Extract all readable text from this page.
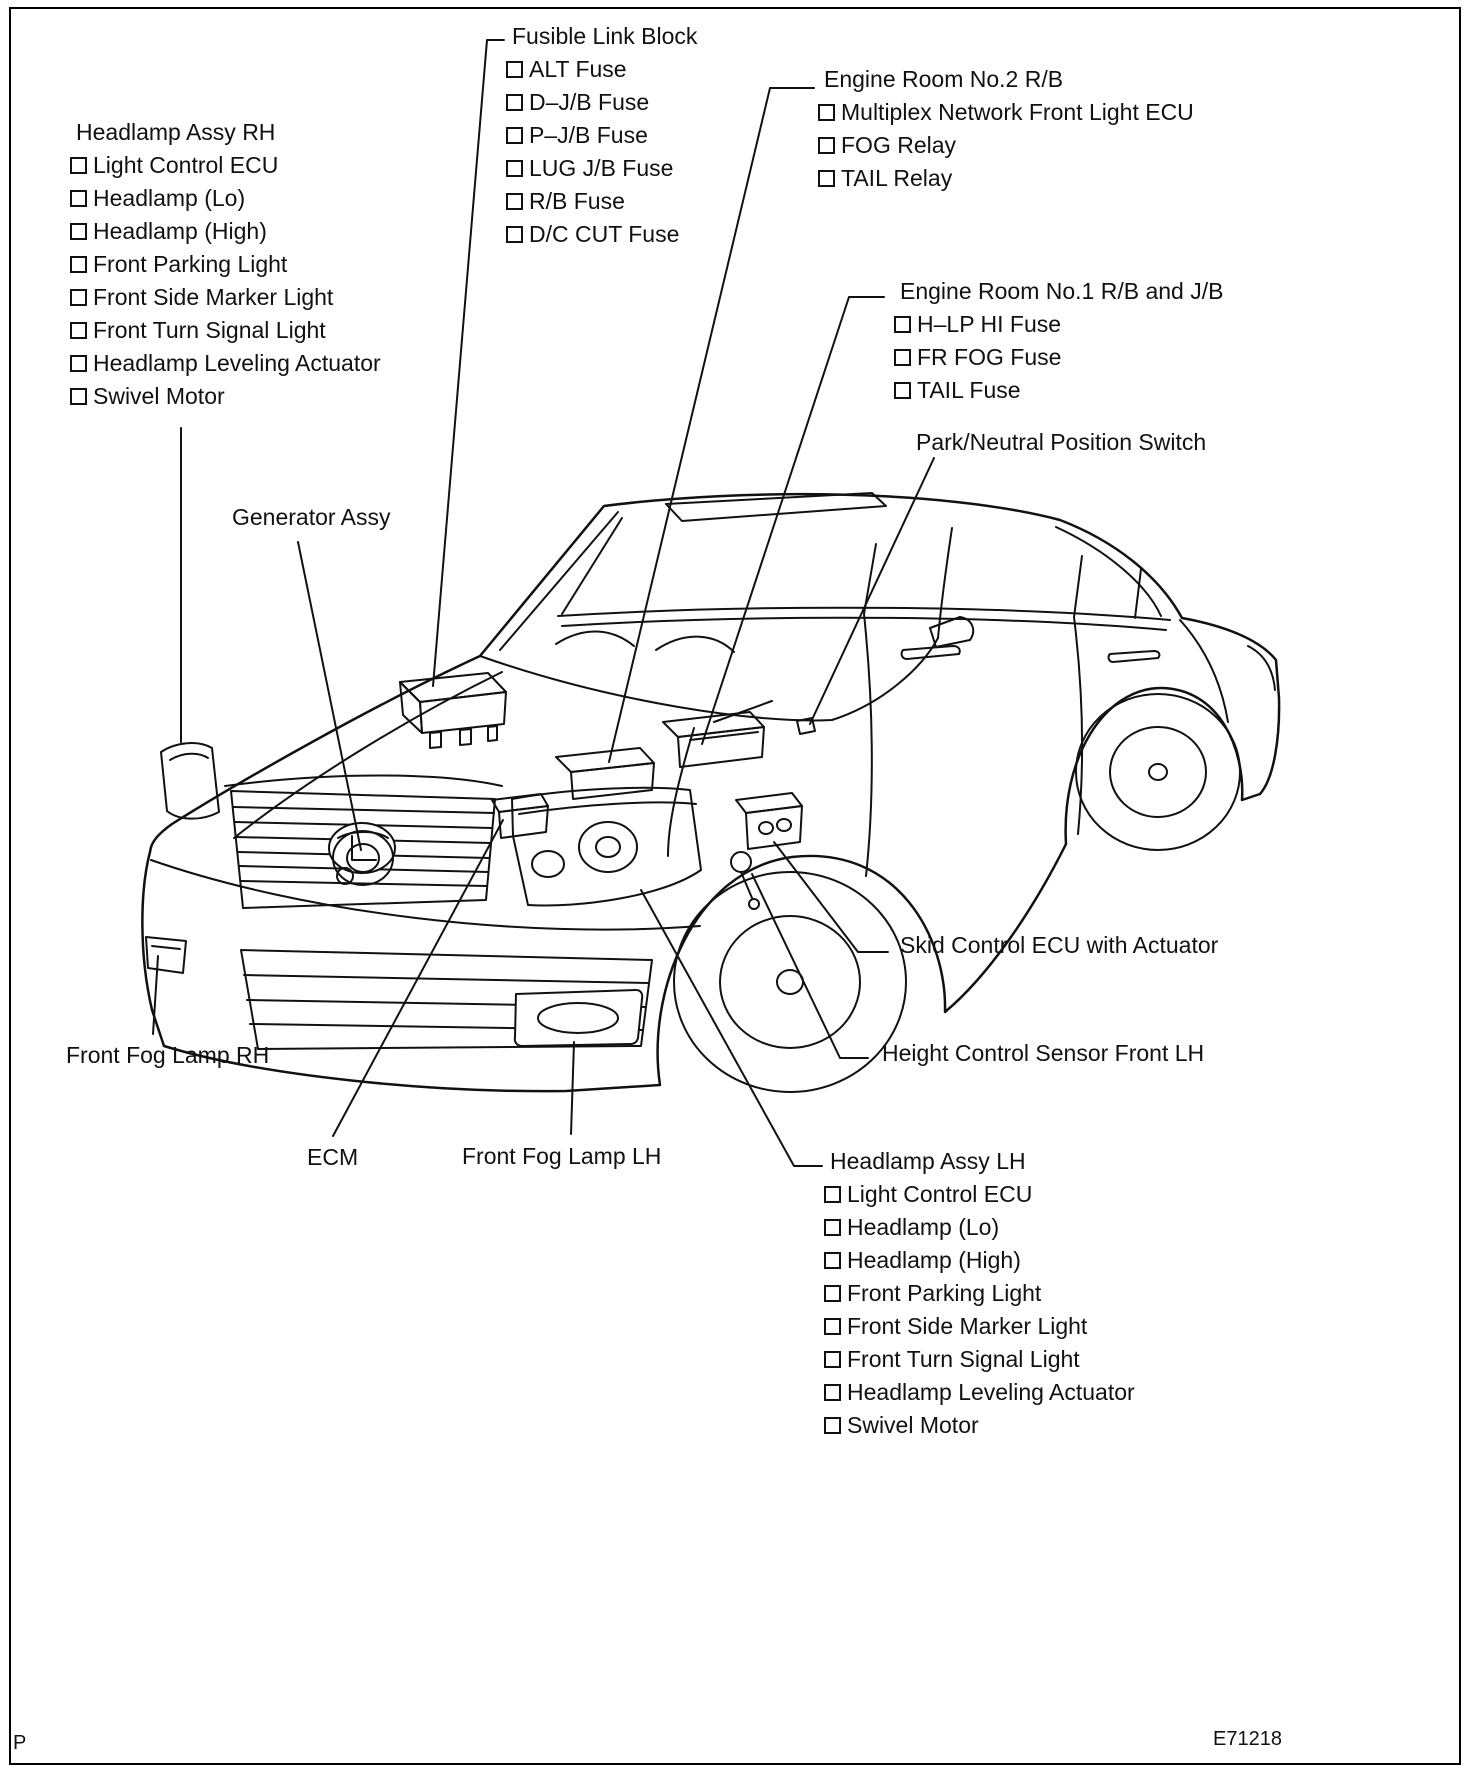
Headlamp Assy RH
Light Control ECU
Headlamp (Lo)
Headlamp (High)
Front Parking Light
Front Side Marker Light
Front Turn Signal Light
Headlamp Leveling Actuator
Swivel Motor
Fusible Link Block
ALT Fuse
D–J/B Fuse
P–J/B Fuse
LUG J/B Fuse
R/B Fuse
D/C CUT Fuse
Engine Room No.2 R/B
Multiplex Network Front Light ECU
FOG Relay
TAIL Relay
Engine Room No.1 R/B and J/B
H–LP HI Fuse
FR FOG Fuse
TAIL Fuse
Park/Neutral Position Switch
Generator Assy
Skid Control ECU with Actuator
Front Fog Lamp RH	Height Control Sensor Front LH
ECM	Front Fog Lamp LH	Headlamp Assy LH
Light Control ECU
Headlamp (Lo)
Headlamp (High)
Front Parking Light
Front Side Marker Light
Front Turn Signal Light
Headlamp Leveling Actuator
Swivel Motor
P	E71218
